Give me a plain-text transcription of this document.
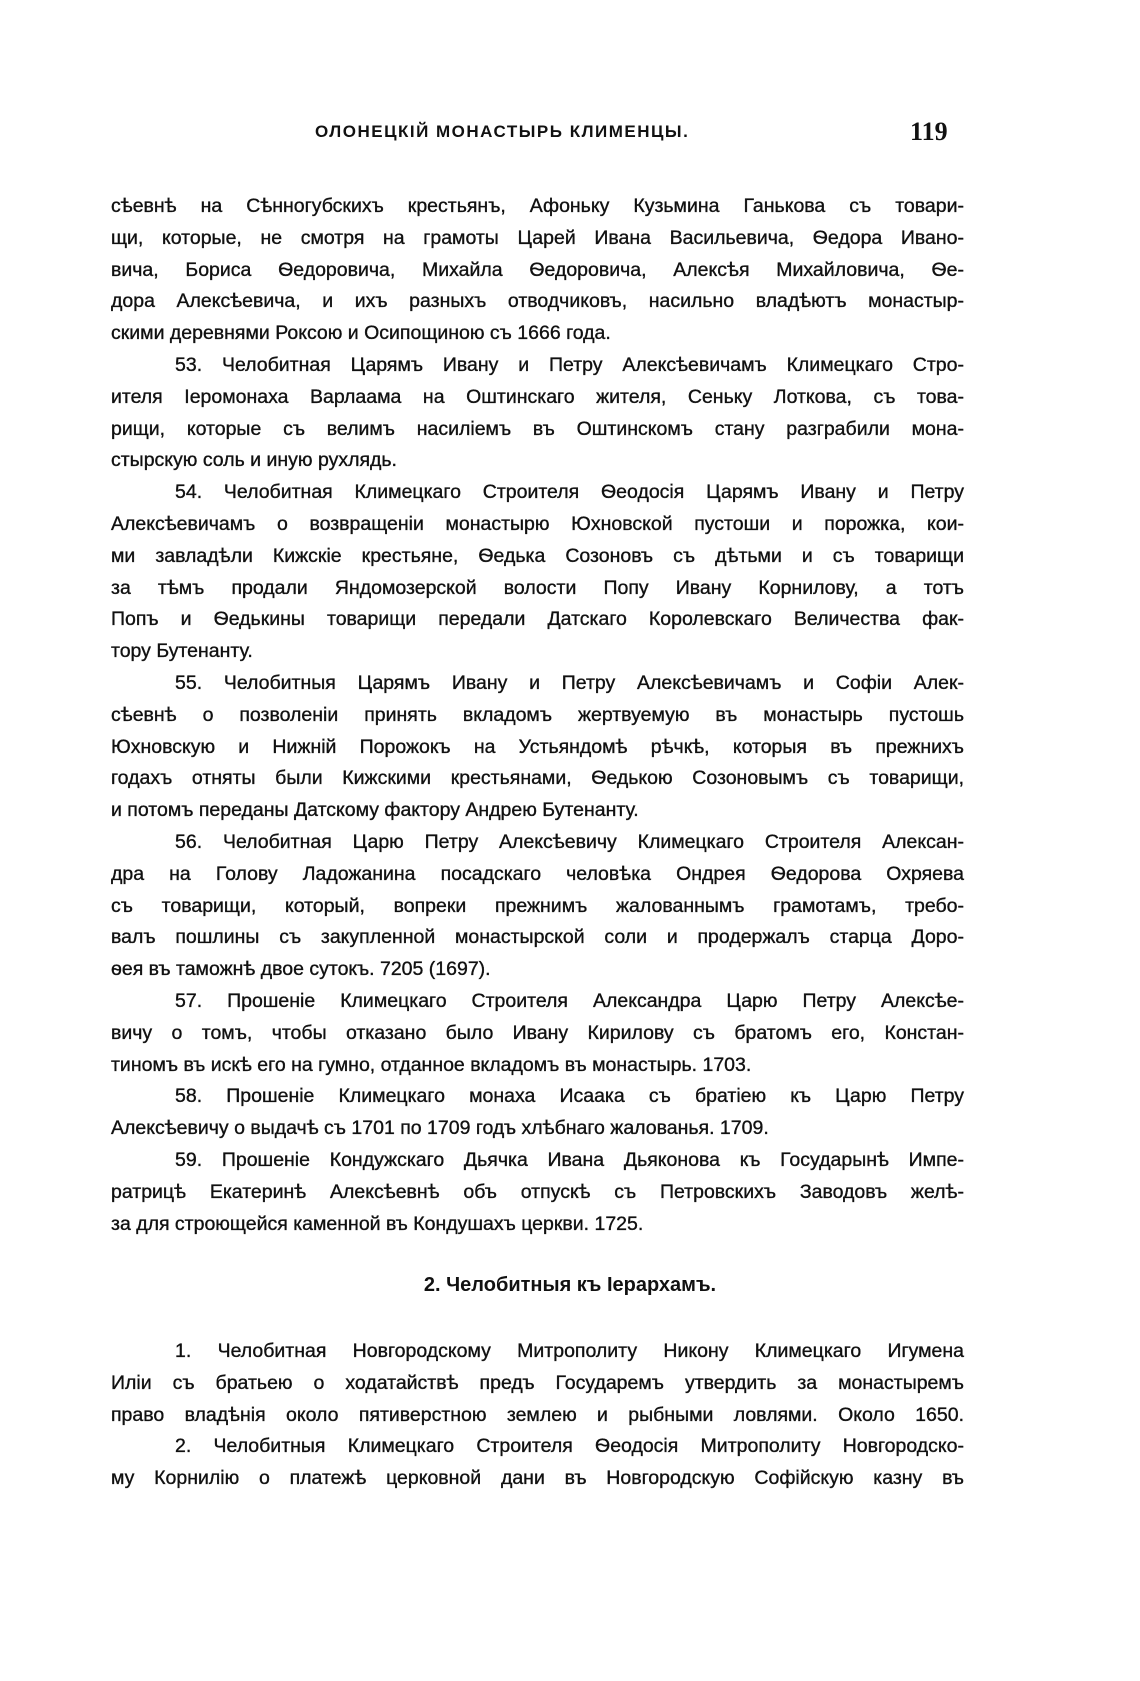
ОЛОНЕЦКІЙ МОНАСТЫРЬ КЛИМЕНЦЫ.	119
сѣевнѣ на Сѣнногубскихъ крестьянъ, Афоньку Кузьмина Ганькова съ товари-
щи, которые, не смотря на грамоты Царей Ивана Васильевича, Ѳедора Ивано-
вича, Бориса Ѳедоровича, Михайла Ѳедоровича, Алексѣя Михайловича, Ѳе-
дора Алексѣевича, и ихъ разныхъ отводчиковъ, насильно владѣютъ монастыр-
скими деревнями Роксою и Осипощиною съ 1666 года.
53. Челобитная Царямъ Ивану и Петру Алексѣевичамъ Климецкаго Стро-
ителя Іеромонаха Варлаама на Оштинскаго жителя, Сеньку Лоткова, съ това-
рищи, которые съ велимъ насиліемъ въ Оштинскомъ стану разграбили мона-
стырскую соль и иную рухлядь.
54. Челобитная Климецкаго Строителя Ѳеодосія Царямъ Ивану и Петру
Алексѣевичамъ о возвращеніи монастырю Юхновской пустоши и порожка, кои-
ми завладѣли Кижскіе крестьяне, Ѳедька Созоновъ съ дѣтьми и съ товарищи
за тѣмъ продали Яндомозерской волости Попу Ивану Корнилову, а тотъ
Попъ и Ѳедькины товарищи передали Датскаго Королевскаго Величества фак-
тору Бутенанту.
55. Челобитныя Царямъ Ивану и Петру Алексѣевичамъ и Софіи Алек-
сѣевнѣ о позволеніи принять вкладомъ жертвуемую въ монастырь пустошь
Юхновскую и Нижній Порожокъ на Устьяндомѣ рѣчкѣ, которыя въ прежнихъ
годахъ отняты были Кижскими крестьянами, Ѳедькою Созоновымъ съ товарищи,
и потомъ переданы Датскому фактору Андрею Бутенанту.
56. Челобитная Царю Петру Алексѣевичу Климецкаго Строителя Алексан-
дра на Голову Ладожанина посадскаго человѣка Ондрея Ѳедорова Охряева
съ товарищи, который, вопреки прежнимъ жалованнымъ грамотамъ, требо-
валъ пошлины съ закупленной монастырской соли и продержалъ старца Доро-
ѳея въ таможнѣ двое сутокъ. 7205 (1697).
57. Прошеніе Климецкаго Строителя Александра Царю Петру Алексѣе-
вичу о томъ, чтобы отказано было Ивану Кирилову съ братомъ его, Констан-
тиномъ въ искѣ его на гумно, отданное вкладомъ въ монастырь. 1703.
58. Прошеніе Климецкаго монаха Исаака съ братіею къ Царю Петру
Алексѣевичу о выдачѣ съ 1701 по 1709 годъ хлѣбнаго жалованья. 1709.
59. Прошеніе Кондужскаго Дьячка Ивана Дьяконова къ Государынѣ Импе-
ратрицѣ Екатеринѣ Алексѣевнѣ объ отпускѣ съ Петровскихъ Заводовъ желѣ-
за для строющейся каменной въ Кондушахъ церкви. 1725.
2. Челобитныя къ Іерархамъ.
1. Челобитная Новгородскому Митрополиту Никону Климецкаго Игумена
Иліи съ братьею о ходатайствѣ предъ Государемъ утвердить за монастыремъ
право владѣнія около пятиверстною землею и рыбными ловлями. Около 1650.
2. Челобитныя Климецкаго Строителя Ѳеодосія Митрополиту Новгородско-
му Корнилію о платежѣ церковной дани въ Новгородскую Софійскую казну въ
